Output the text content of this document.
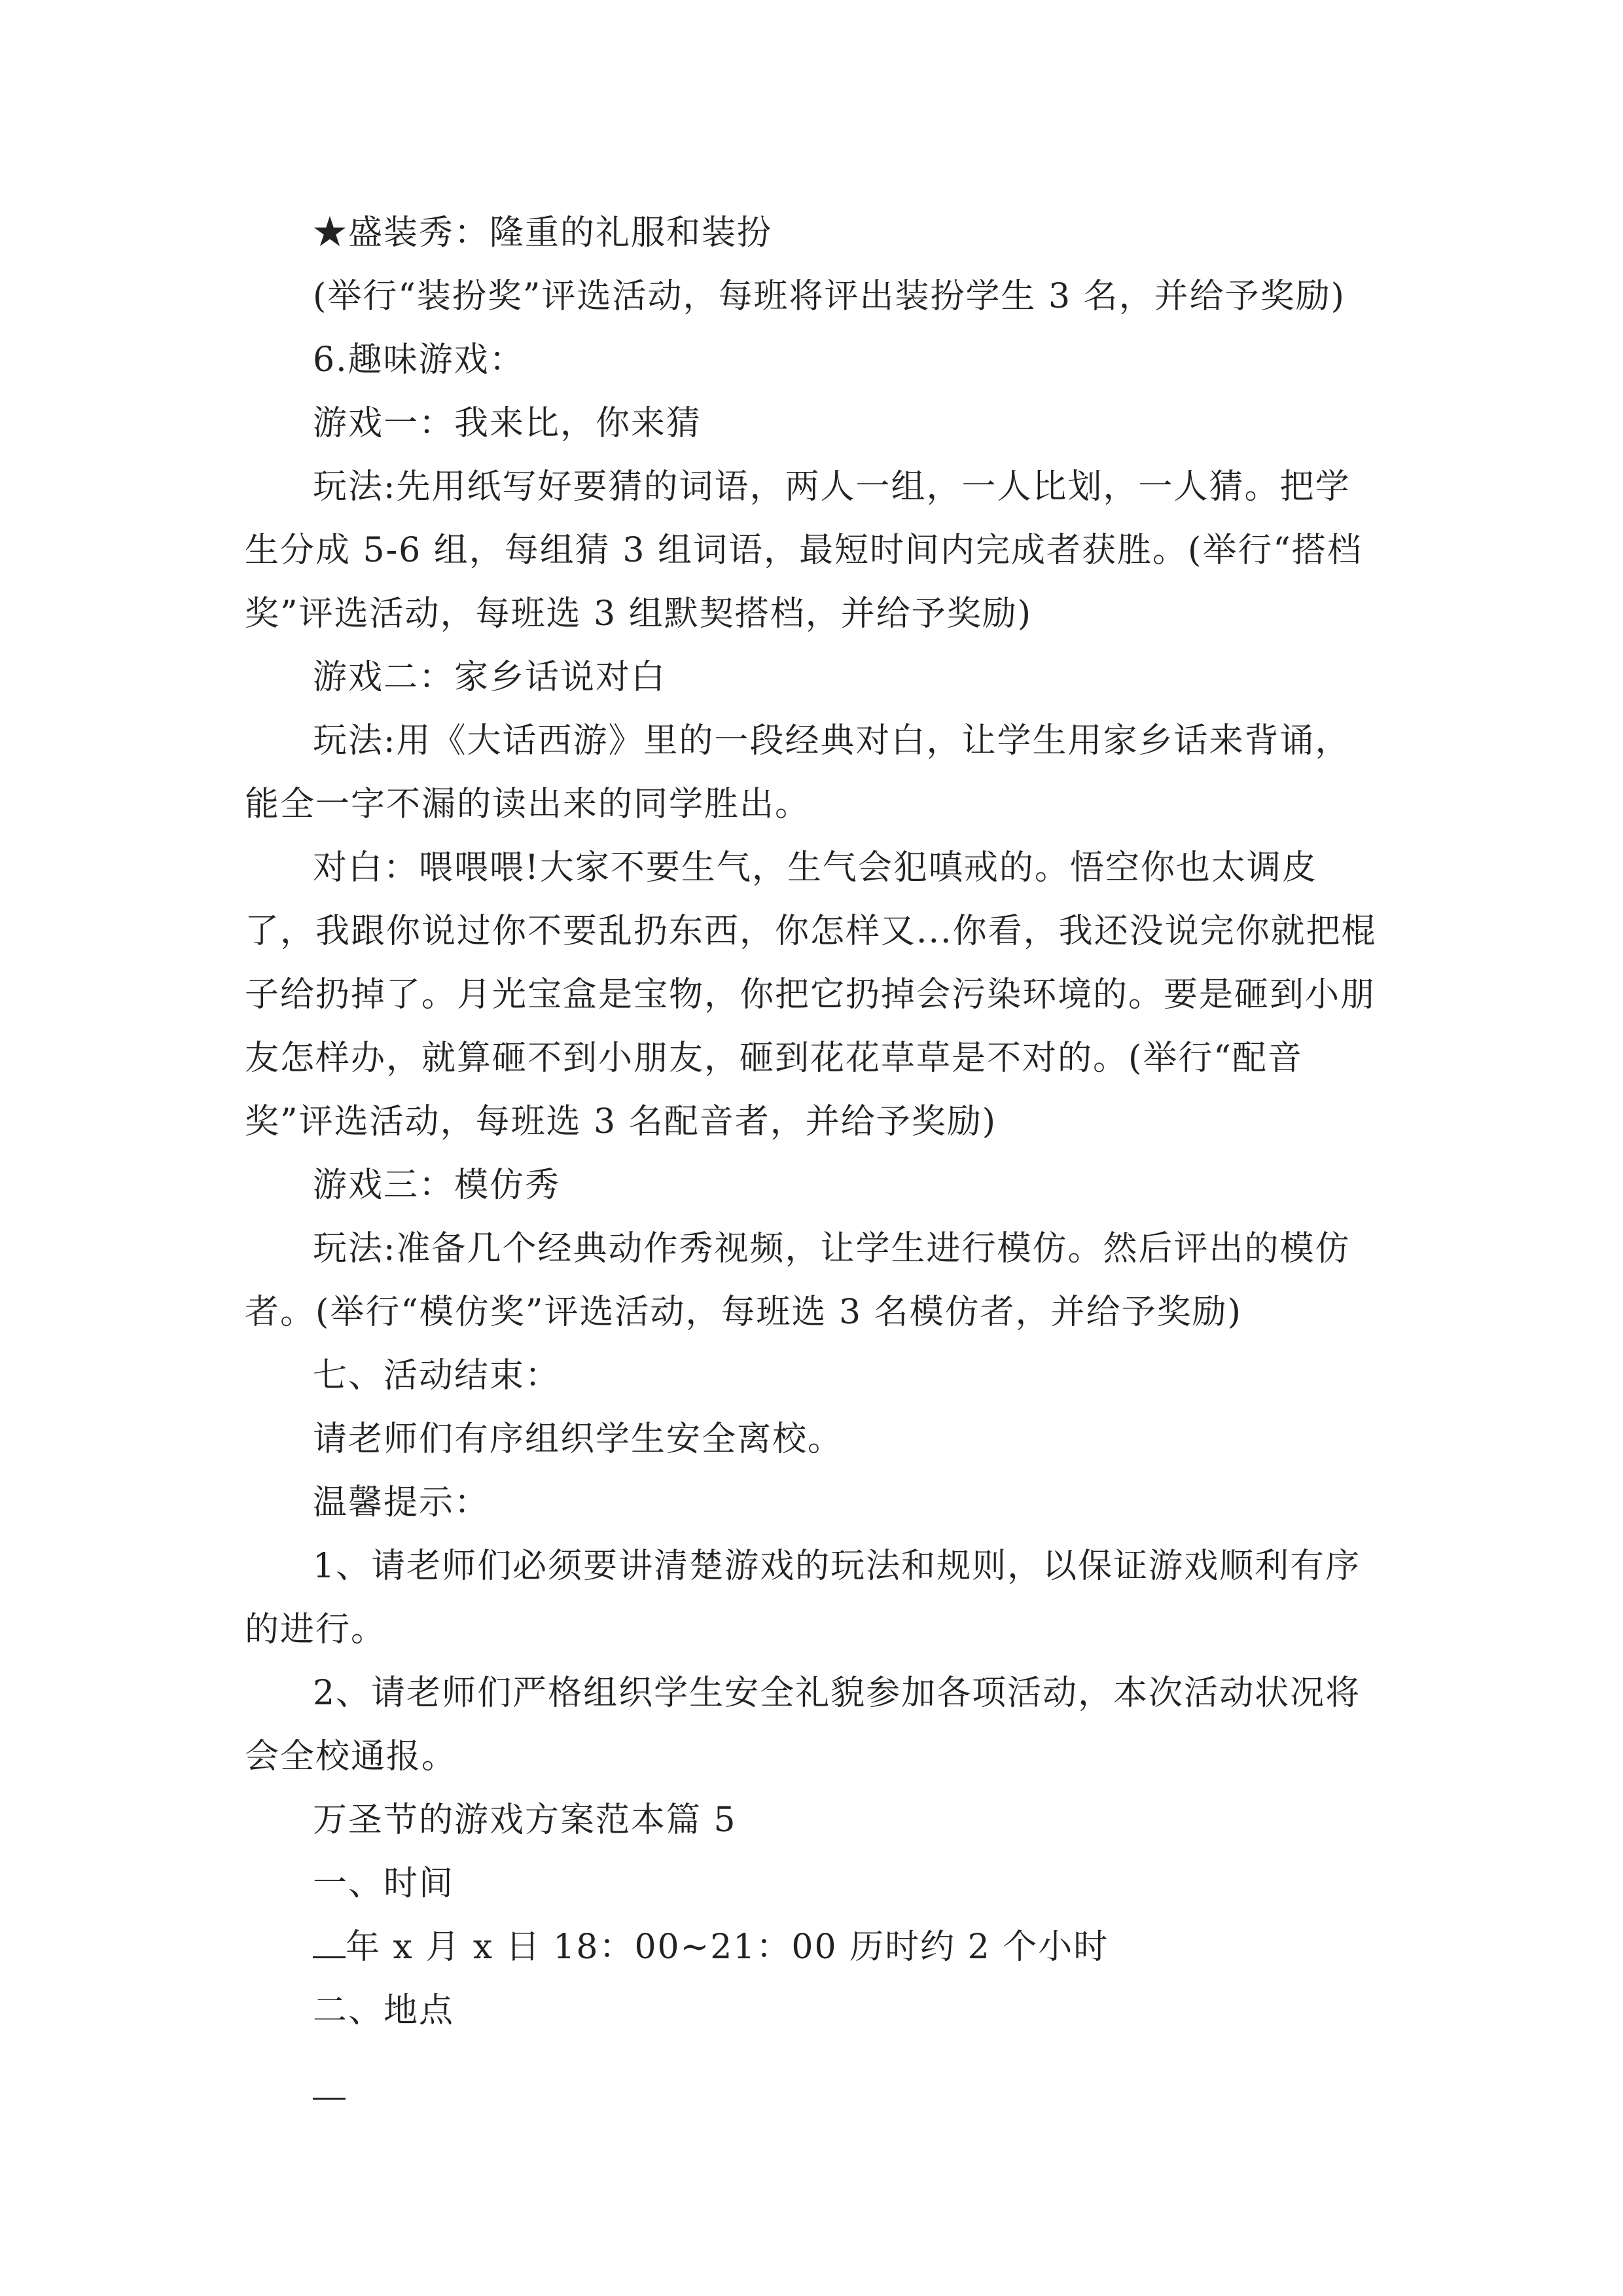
★盛装秀：隆重的礼服和装扮

(举行“装扮奖”评选活动，每班将评出装扮学生 3 名，并给予奖励)

6.趣味游戏：

游戏一：我来比，你来猜

玩法:先用纸写好要猜的词语，两人一组，一人比划，一人猜。把学生分成 5-6 组，每组猜 3 组词语，最短时间内完成者获胜。(举行“搭档奖”评选活动，每班选 3 组默契搭档，并给予奖励)

游戏二：家乡话说对白

玩法:用《大话西游》里的一段经典对白，让学生用家乡话来背诵，能全一字不漏的读出来的同学胜出。

对白：喂喂喂!大家不要生气，生气会犯嗔戒的。悟空你也太调皮了，我跟你说过你不要乱扔东西，你怎样又...你看，我还没说完你就把棍子给扔掉了。月光宝盒是宝物，你把它扔掉会污染环境的。要是砸到小朋友怎样办，就算砸不到小朋友，砸到花花草草是不对的。(举行“配音奖”评选活动，每班选 3 名配音者，并给予奖励)

游戏三：模仿秀

玩法:准备几个经典动作秀视频，让学生进行模仿。然后评出的模仿者。(举行“模仿奖”评选活动，每班选 3 名模仿者，并给予奖励)

七、活动结束：

请老师们有序组织学生安全离校。

温馨提示：

1、请老师们必须要讲清楚游戏的玩法和规则，以保证游戏顺利有序的进行。

2、请老师们严格组织学生安全礼貌参加各项活动，本次活动状况将会全校通报。

万圣节的游戏方案范本篇 5

一、时间

年 x 月 x 日 18：00~21：00 历时约 2 个小时

二、地点
